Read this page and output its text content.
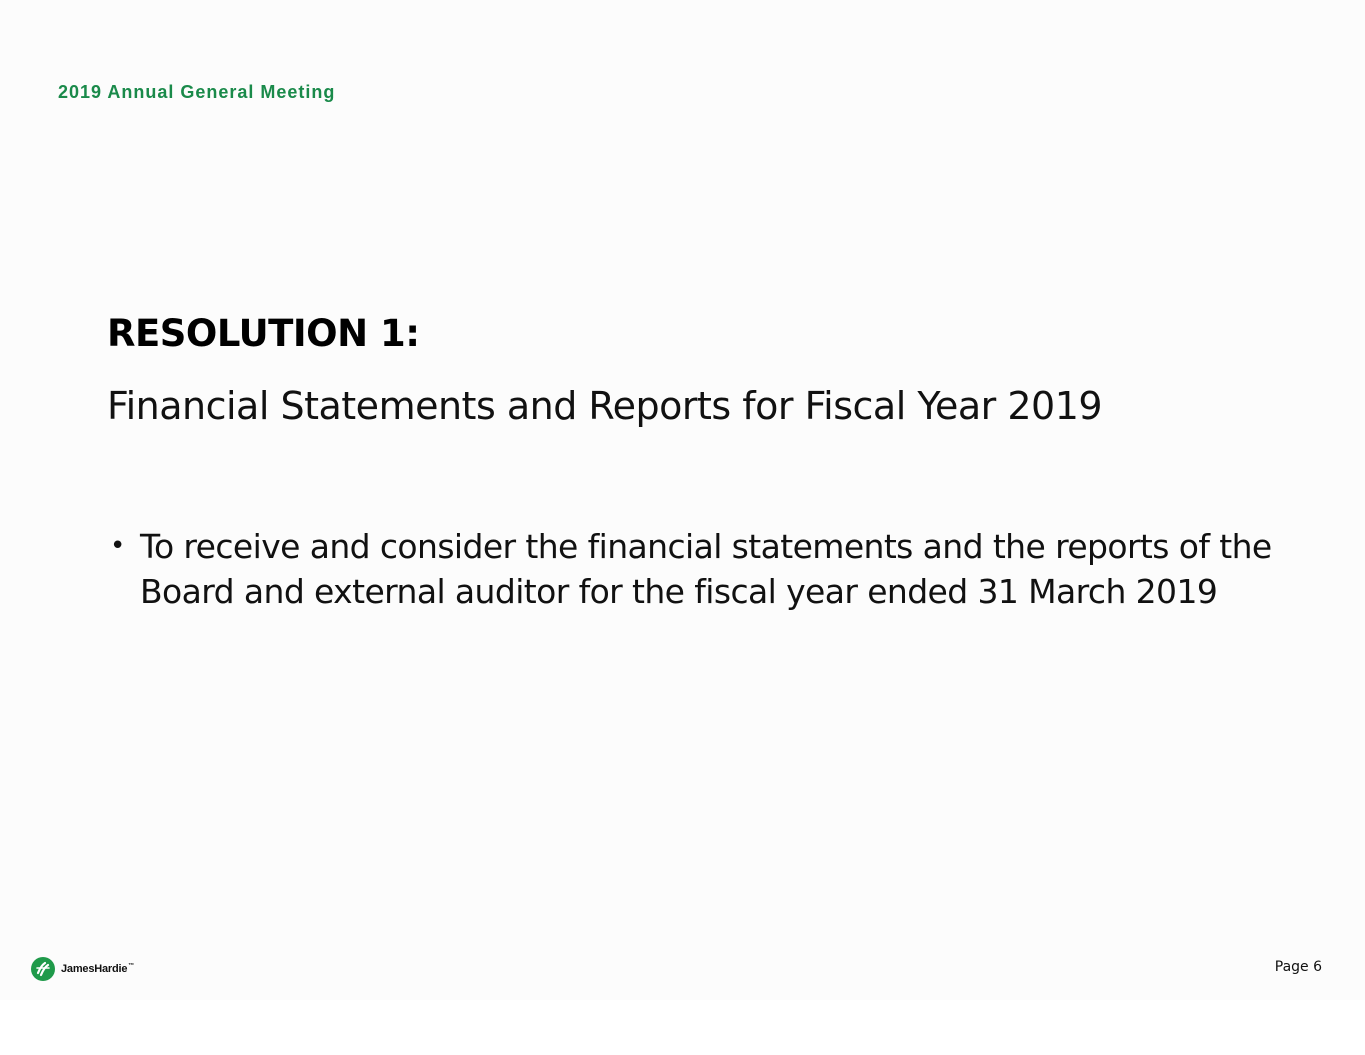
2019 Annual General Meeting
RESOLUTION 1:
Financial Statements and Reports for Fiscal Year 2019
• To receive and consider the financial statements and the reports of the Board and external auditor for the fiscal year ended 31 March 2019
JamesHardie™	Page 6
